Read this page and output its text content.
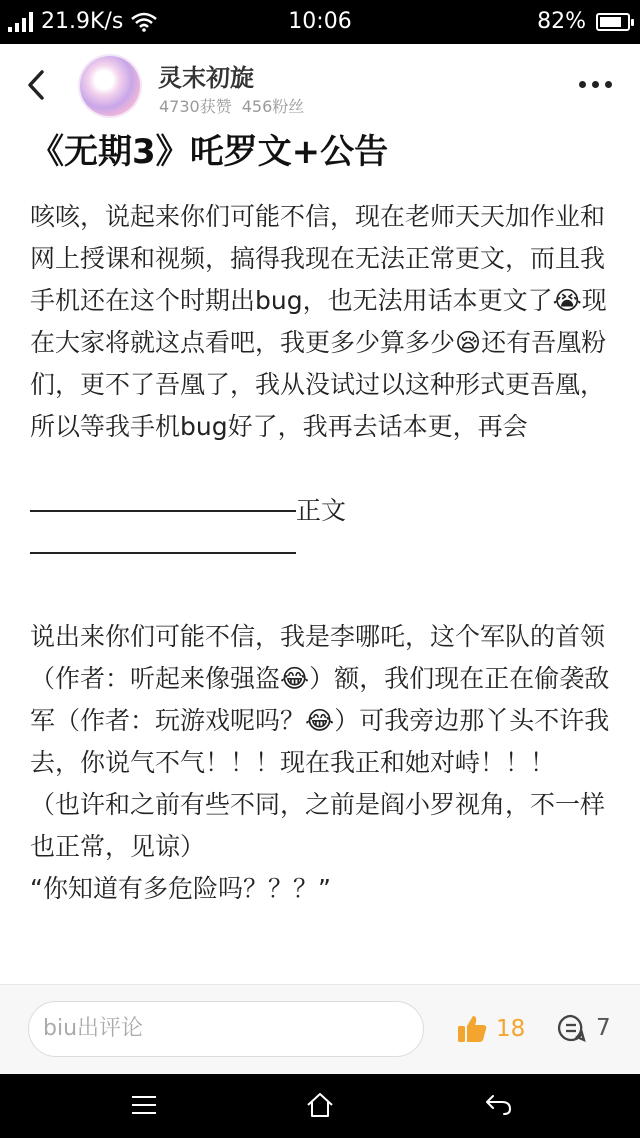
21.9K/s	10:06	82%
灵末初旋
4730获赞 456粉丝
《无期3》吒罗文+公告

咳咳，说起来你们可能不信，现在老师天天加作业和网上授课和视频，搞得我现在无法正常更文，而且我手机还在这个时期出bug，也无法用话本更文了😭现在大家将就这点看吧，我更多少算多少😪还有吾凰粉们，更不了吾凰了，我从没试过以这种形式更吾凰，所以等我手机bug好了，我再去话本更，再会

正文

说出来你们可能不信，我是李哪吒，这个军队的首领（作者：听起来像强盗😂）额，我们现在正在偷袭敌军（作者：玩游戏呢吗？😂）可我旁边那丫头不许我去，你说气不气！！！现在我正和她对峙！！！

（也许和之前有些不同，之前是阎小罗视角，不一样也正常，见谅）

“你知道有多危险吗？？？”

biu出评论	18	7
